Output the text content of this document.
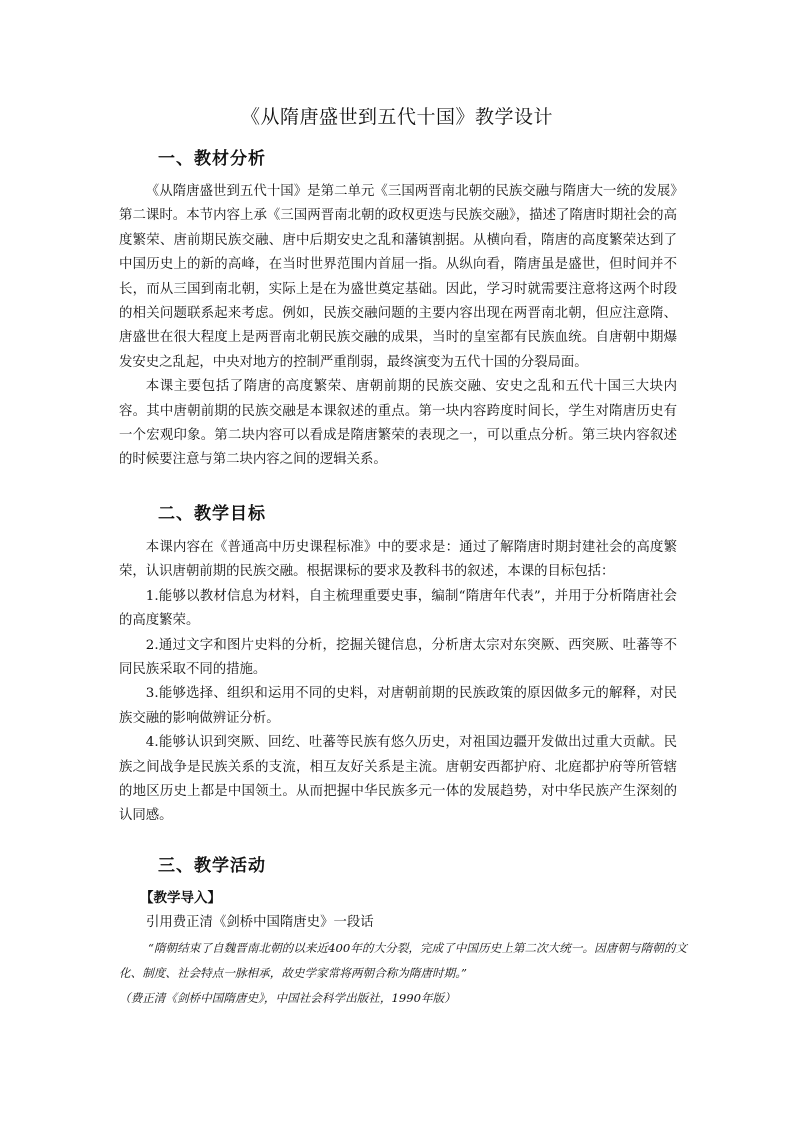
《从隋唐盛世到五代十国》教学设计
一、教材分析

《从隋唐盛世到五代十国》是第二单元《三国两晋南北朝的民族交融与隋唐大一统的发展》第二课时。本节内容上承《三国两晋南北朝的政权更迭与民族交融》，描述了隋唐时期社会的高度繁荣、唐前期民族交融、唐中后期安史之乱和藩镇割据。从横向看，隋唐的高度繁荣达到了中国历史上的新的高峰，在当时世界范围内首屈一指。从纵向看，隋唐虽是盛世，但时间并不长，而从三国到南北朝，实际上是在为盛世奠定基础。因此，学习时就需要注意将这两个时段的相关问题联系起来考虑。例如，民族交融问题的主要内容出现在两晋南北朝，但应注意隋、唐盛世在很大程度上是两晋南北朝民族交融的成果，当时的皇室都有民族血统。自唐朝中期爆发安史之乱起，中央对地方的控制严重削弱，最终演变为五代十国的分裂局面。

本课主要包括了隋唐的高度繁荣、唐朝前期的民族交融、安史之乱和五代十国三大块内容。其中唐朝前期的民族交融是本课叙述的重点。第一块内容跨度时间长，学生对隋唐历史有一个宏观印象。第二块内容可以看成是隋唐繁荣的表现之一，可以重点分析。第三块内容叙述的时候要注意与第二块内容之间的逻辑关系。

二、教学目标

本课内容在《普通高中历史课程标准》中的要求是：通过了解隋唐时期封建社会的高度繁荣，认识唐朝前期的民族交融。根据课标的要求及教科书的叙述，本课的目标包括：

1.能够以教材信息为材料，自主梳理重要史事，编制“隋唐年代表”，并用于分析隋唐社会的高度繁荣。

2.通过文字和图片史料的分析，挖掘关键信息，分析唐太宗对东突厥、西突厥、吐蕃等不同民族采取不同的措施。

3.能够选择、组织和运用不同的史料，对唐朝前期的民族政策的原因做多元的解释，对民族交融的影响做辨证分析。

4.能够认识到突厥、回纥、吐蕃等民族有悠久历史，对祖国边疆开发做出过重大贡献。民族之间战争是民族关系的支流，相互友好关系是主流。唐朝安西都护府、北庭都护府等所管辖的地区历史上都是中国领土。从而把握中华民族多元一体的发展趋势，对中华民族产生深刻的认同感。

三、教学活动
【教学导入】
引用费正清《剑桥中国隋唐史》一段话

“隋朝结束了自魏晋南北朝的以来近400年的大分裂，完成了中国历史上第二次大统一。因唐朝与隋朝的文化、制度、社会特点一脉相承，故史学家常将两朝合称为隋唐时期。”

（费正清《剑桥中国隋唐史》，中国社会科学出版社，1990年版）
